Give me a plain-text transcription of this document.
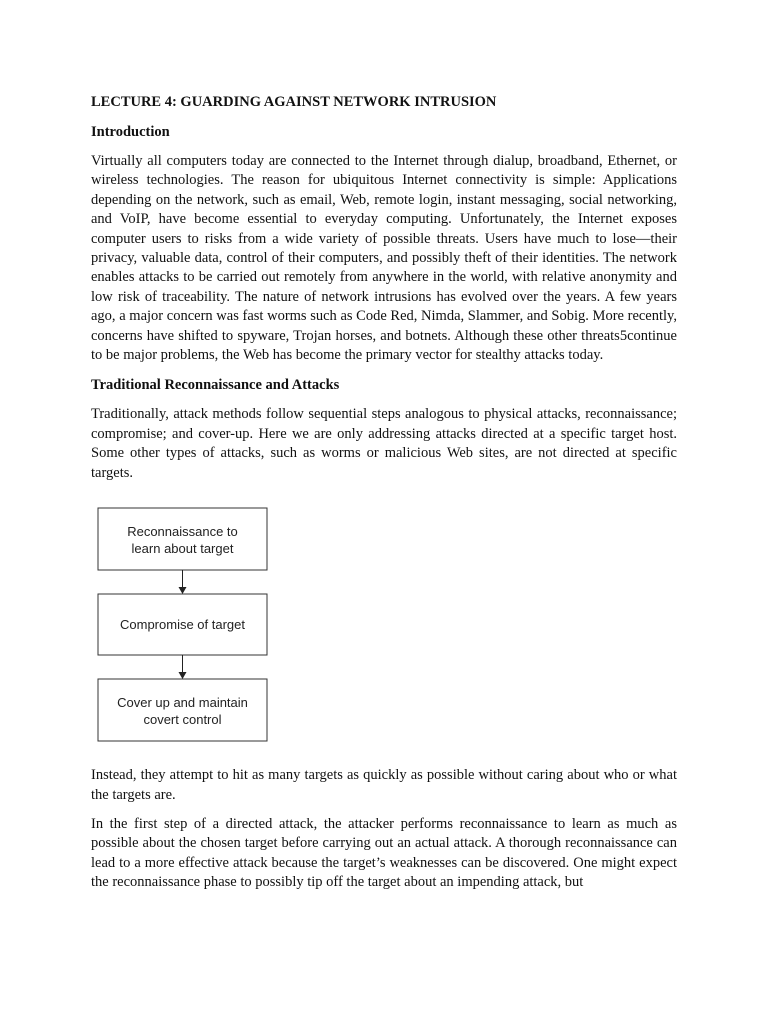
LECTURE 4: GUARDING AGAINST NETWORK INTRUSION
Introduction

Virtually all computers today are connected to the Internet through dialup, broadband, Ethernet, or wireless technologies. The reason for ubiquitous Internet connectivity is simple: Applications depending on the network, such as email, Web, remote login, instant messaging, social networking, and VoIP, have become essential to everyday computing. Unfortunately, the Internet exposes computer users to risks from a wide variety of possible threats. Users have much to lose—their privacy, valuable data, control of their computers, and possibly theft of their identities. The network enables attacks to be carried out remotely from anywhere in the world, with relative anonymity and low risk of traceability. The nature of network intrusions has evolved over the years. A few years ago, a major concern was fast worms such as Code Red, Nimda, Slammer, and Sobig. More recently, concerns have shifted to spyware, Trojan horses, and botnets. Although these other threats5continue to be major problems, the Web has become the primary vector for stealthy attacks today.

Traditional Reconnaissance and Attacks

Traditionally, attack methods follow sequential steps analogous to physical attacks, reconnaissance; compromise; and cover-up. Here we are only addressing attacks directed at a specific target host. Some other types of attacks, such as worms or malicious Web sites, are not directed at specific targets.

Reconnaissance to
learn about target
Compromise of target
Cover up and maintain
covert control

Instead, they attempt to hit as many targets as quickly as possible without caring about who or what the targets are.

In the first step of a directed attack, the attacker performs reconnaissance to learn as much as possible about the chosen target before carrying out an actual attack. A thorough reconnaissance can lead to a more effective attack because the target’s weaknesses can be discovered. One might expect the reconnaissance phase to possibly tip off the target about an impending attack, but
